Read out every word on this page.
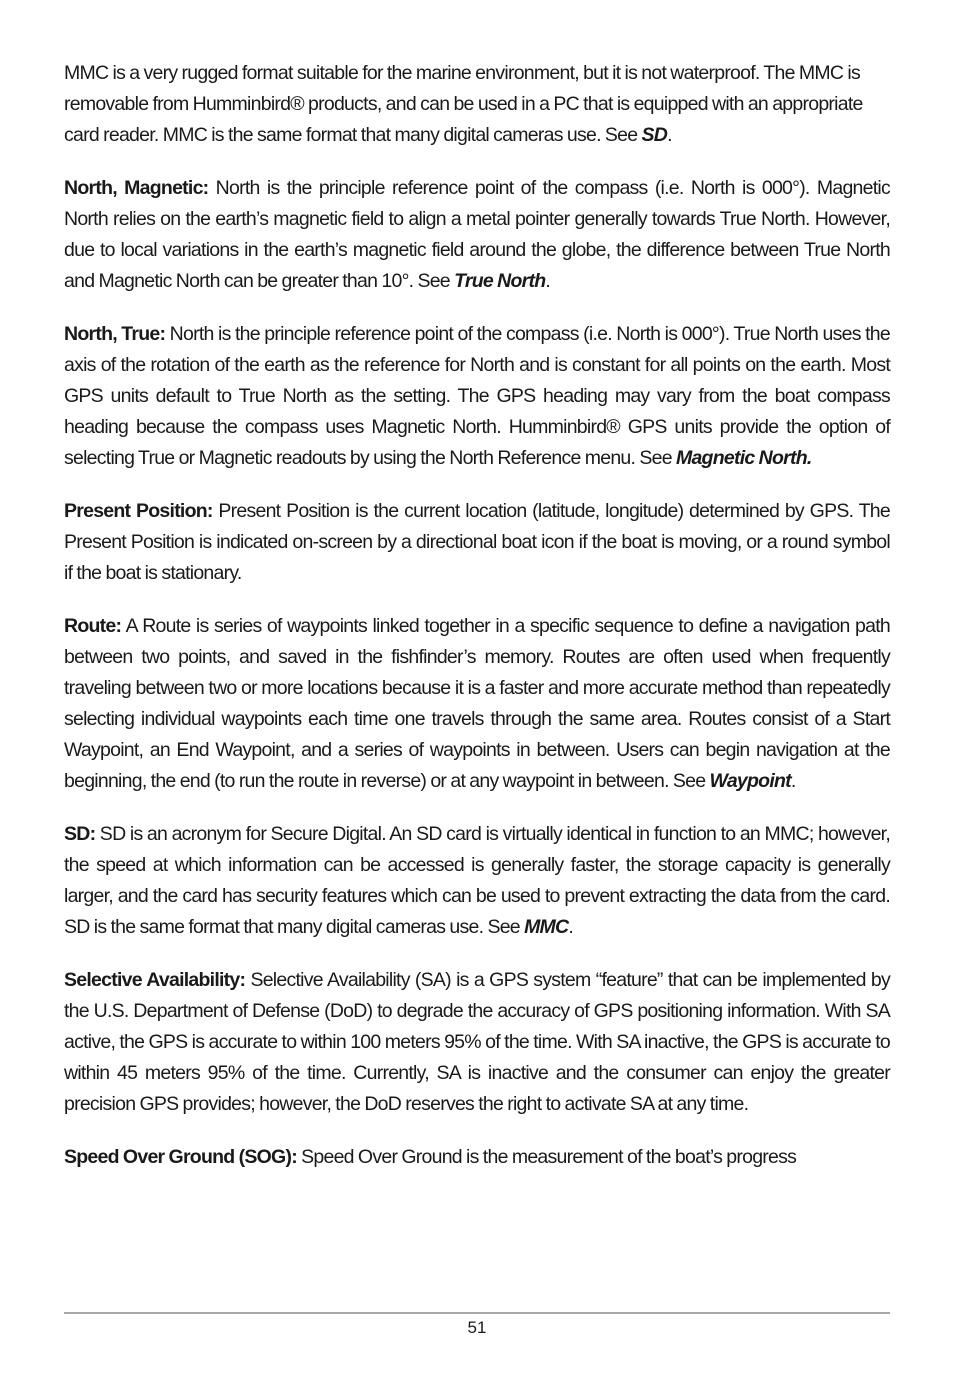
MMC is a very rugged format suitable for the marine environment, but it is not waterproof. The MMC is removable from Humminbird® products, and can be used in a PC that is equipped with an appropriate card reader. MMC is the same format that many digital cameras use. See SD.

North, Magnetic: North is the principle reference point of the compass (i.e. North is 000°). Magnetic North relies on the earth’s magnetic field to align a metal pointer generally towards True North. However, due to local variations in the earth’s magnetic field around the globe, the difference between True North and Magnetic North can be greater than 10°. See True North.

North, True: North is the principle reference point of the compass (i.e. North is 000°). True North uses the axis of the rotation of the earth as the reference for North and is constant for all points on the earth. Most GPS units default to True North as the setting. The GPS heading may vary from the boat compass heading because the compass uses Magnetic North. Humminbird® GPS units provide the option of selecting True or Magnetic readouts by using the North Reference menu. See Magnetic North.

Present Position: Present Position is the current location (latitude, longitude) determined by GPS. The Present Position is indicated on-screen by a directional boat icon if the boat is moving, or a round symbol if the boat is stationary.

Route: A Route is series of waypoints linked together in a specific sequence to define a navigation path between two points, and saved in the fishfinder’s memory. Routes are often used when frequently traveling between two or more locations because it is a faster and more accurate method than repeatedly selecting individual waypoints each time one travels through the same area. Routes consist of a Start Waypoint, an End Waypoint, and a series of waypoints in between. Users can begin navigation at the beginning, the end (to run the route in reverse) or at any waypoint in between. See Waypoint.

SD: SD is an acronym for Secure Digital. An SD card is virtually identical in function to an MMC; however, the speed at which information can be accessed is generally faster, the storage capacity is generally larger, and the card has security features which can be used to prevent extracting the data from the card. SD is the same format that many digital cameras use. See MMC.

Selective Availability: Selective Availability (SA) is a GPS system “feature” that can be implemented by the U.S. Department of Defense (DoD) to degrade the accuracy of GPS positioning information. With SA active, the GPS is accurate to within 100 meters 95% of the time. With SA inactive, the GPS is accurate to within 45 meters 95% of the time. Currently, SA is inactive and the consumer can enjoy the greater precision GPS provides; however, the DoD reserves the right to activate SA at any time.

Speed Over Ground (SOG): Speed Over Ground is the measurement of the boat’s progress

51
